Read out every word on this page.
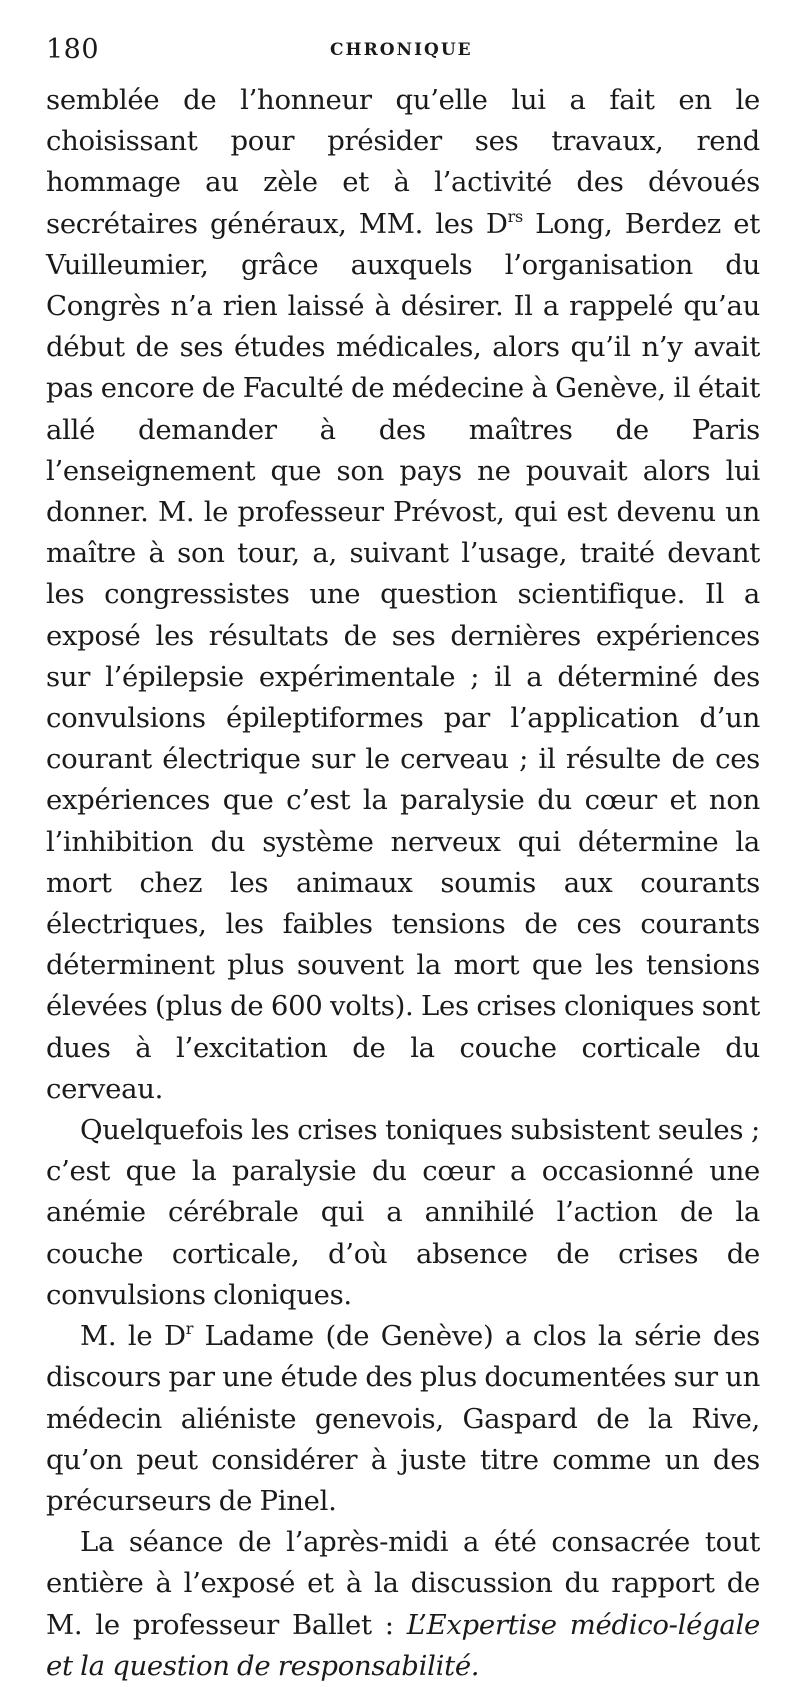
180	CHRONIQUE

semblée de l’honneur qu’elle lui a fait en le choisissant pour présider ses travaux, rend hommage au zèle et à l’activité des dévoués secrétaires généraux, MM. les $D^{rs}$ Long, Berdez et Vuilleumier, grâce auxquels l’organisation du Congrès n’a rien laissé à désirer. Il a rappelé qu’au début de ses études médicales, alors qu’il n’y avait pas encore de Faculté de médecine à Genève, il était allé demander à des maîtres de Paris l’enseignement que son pays ne pouvait alors lui donner. M. le professeur Prévost, qui est devenu un maître à son tour, a, suivant l’usage, traité devant les congressistes une question scientifique. Il a exposé les résultats de ses dernières expériences sur l’épilepsie expérimentale ; il a déterminé des convulsions épileptiformes par l’application d’un courant électrique sur le cerveau ; il résulte de ces expériences que c’est la paralysie du cœur et non l’inhibition du système nerveux qui détermine la mort chez les animaux soumis aux courants électriques, les faibles tensions de ces courants déterminent plus souvent la mort que les tensions élevées (plus de 600 volts). Les crises cloniques sont dues à l’excitation de la couche corticale du cerveau.

Quelquefois les crises toniques subsistent seules ; c’est que la paralysie du cœur a occasionné une anémie cérébrale qui a annihilé l’action de la couche corticale, d’où absence de crises de convulsions cloniques.

M. le $D^r$ Ladame (de Genève) a clos la série des discours par une étude des plus documentées sur un médecin aliéniste genevois, Gaspard de la Rive, qu’on peut considérer à juste titre comme un des précurseurs de Pinel.

La séance de l’après-midi a été consacrée tout entière à l’exposé et à la discussion du rapport de M. le professeur Ballet : L’Expertise médico-légale et la question de responsabilité.
